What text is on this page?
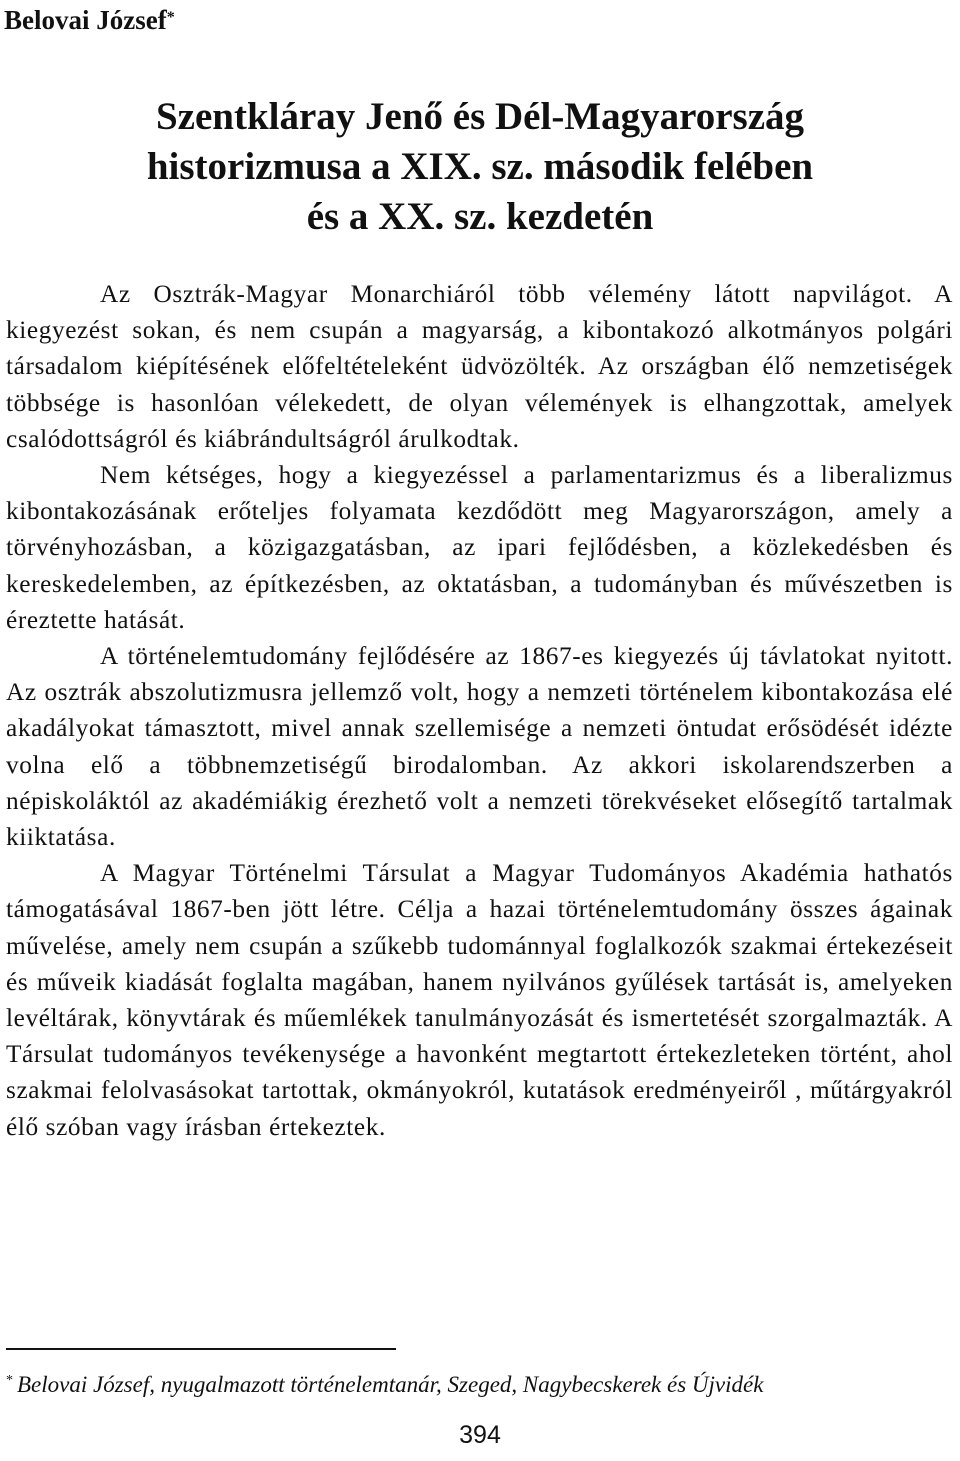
Belovai József*
Szentkláray Jenő és Dél-Magyarország
historizmusa a XIX. sz. második felében
és a XX. sz. kezdetén

Az Osztrák-Magyar Monarchiáról több vélemény látott napvilágot. A kiegyezést sokan, és nem csupán a magyarság, a kibontakozó alkotmányos polgári társadalom kiépítésének előfeltételeként üdvözölték. Az országban élő nemzetiségek többsége is hasonlóan vélekedett, de olyan vélemények is elhangzottak, amelyek csalódottságról és kiábrándultságról árulkodtak.

Nem kétséges, hogy a kiegyezéssel a parlamentarizmus és a liberalizmus kibontakozásának erőteljes folyamata kezdődött meg Magyarországon, amely a törvényhozásban, a közigazgatásban, az ipari fejlődésben, a közlekedésben és kereskedelemben, az építkezésben, az oktatásban, a tudományban és művészetben is éreztette hatását.

A történelemtudomány fejlődésére az 1867-es kiegyezés új távlatokat nyitott. Az osztrák abszolutizmusra jellemző volt, hogy a nemzeti történelem kibontakozása elé akadályokat támasztott, mivel annak szellemisége a nemzeti öntudat erősödését idézte volna elő a többnemzetiségű birodalomban. Az akkori iskolarendszerben a népiskoláktól az akadémiákig érezhető volt a nemzeti törekvéseket elősegítő tartalmak kiiktatása.

A Magyar Történelmi Társulat a Magyar Tudományos Akadémia hathatós támogatásával 1867-ben jött létre. Célja a hazai történelemtudomány összes ágainak művelése, amely nem csupán a szűkebb tudománnyal foglalkozók szakmai értekezéseit és műveik kiadását foglalta magában, hanem nyilvános gyűlések tartását is, amelyeken levéltárak, könyvtárak és műemlékek tanulmányozását és ismertetését szorgalmazták. A Társulat tudományos tevékenysége a havonként megtartott értekezleteken történt, ahol szakmai felolvasásokat tartottak, okmányokról, kutatások eredményeiről , műtárgyakról élő szóban vagy írásban értekeztek.

* Belovai József, nyugalmazott történelemtanár, Szeged, Nagybecskerek és Újvidék
394
